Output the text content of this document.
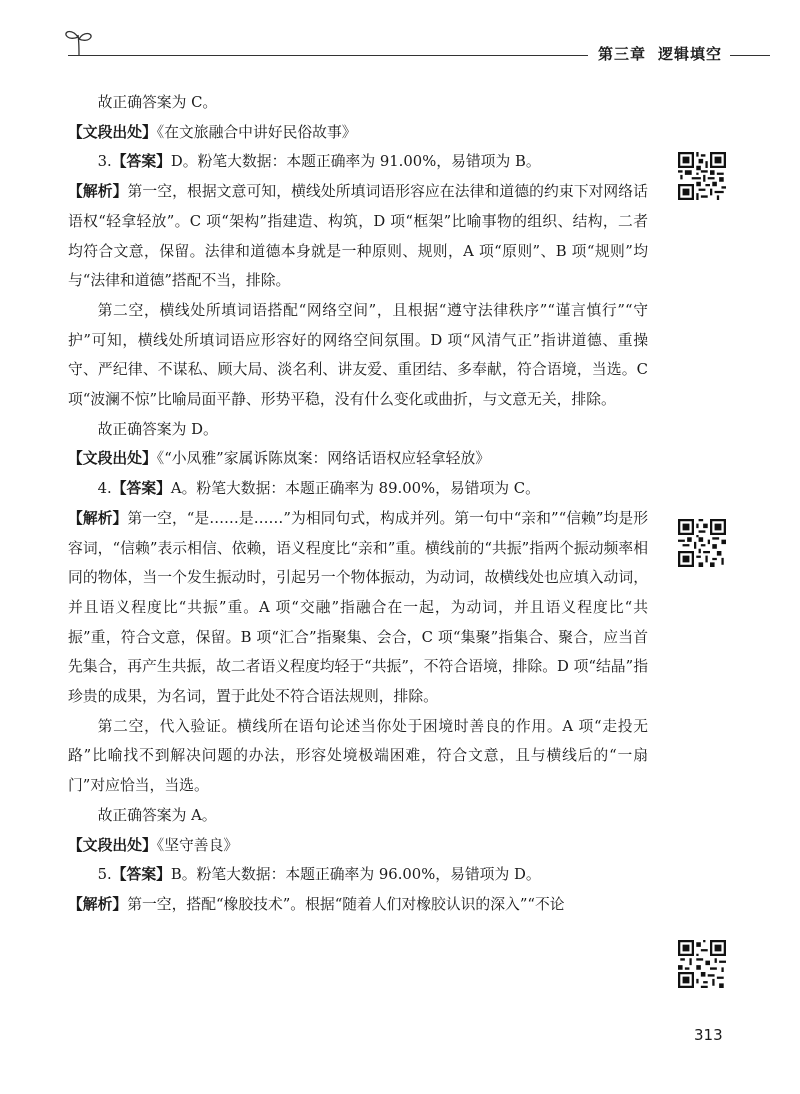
第三章 逻辑填空

故正确答案为 C。

【文段出处】《在文旅融合中讲好民俗故事》

3.【答案】D。粉笔大数据：本题正确率为 91.00%，易错项为 B。

【解析】第一空，根据文意可知，横线处所填词语形容应在法律和道德的约束下对网络话语权“轻拿轻放”。C 项“架构”指建造、构筑，D 项“框架”比喻事物的组织、结构，二者均符合文意，保留。法律和道德本身就是一种原则、规则，A 项“原则”、B 项“规则”均与“法律和道德”搭配不当，排除。

第二空，横线处所填词语搭配“网络空间”，且根据“遵守法律秩序”“谨言慎行”“守护”可知，横线处所填词语应形容好的网络空间氛围。D 项“风清气正”指讲道德、重操守、严纪律、不谋私、顾大局、淡名利、讲友爱、重团结、多奉献，符合语境，当选。C 项“波澜不惊”比喻局面平静、形势平稳，没有什么变化或曲折，与文意无关，排除。

故正确答案为 D。

【文段出处】《“小凤雅”家属诉陈岚案：网络话语权应轻拿轻放》

4.【答案】A。粉笔大数据：本题正确率为 89.00%，易错项为 C。

【解析】第一空，“是……是……”为相同句式，构成并列。第一句中“亲和”“信赖”均是形容词，“信赖”表示相信、依赖，语义程度比“亲和”重。横线前的“共振”指两个振动频率相同的物体，当一个发生振动时，引起另一个物体振动，为动词，故横线处也应填入动词，并且语义程度比“共振”重。A 项“交融”指融合在一起，为动词，并且语义程度比“共振”重，符合文意，保留。B 项“汇合”指聚集、会合，C 项“集聚”指集合、聚合，应当首先集合，再产生共振，故二者语义程度均轻于“共振”，不符合语境，排除。D 项“结晶”指珍贵的成果，为名词，置于此处不符合语法规则，排除。

第二空，代入验证。横线所在语句论述当你处于困境时善良的作用。A 项“走投无路”比喻找不到解决问题的办法，形容处境极端困难，符合文意，且与横线后的“一扇门”对应恰当，当选。

故正确答案为 A。

【文段出处】《坚守善良》

5.【答案】B。粉笔大数据：本题正确率为 96.00%，易错项为 D。

【解析】第一空，搭配“橡胶技术”。根据“随着人们对橡胶认识的深入”“不论

313
